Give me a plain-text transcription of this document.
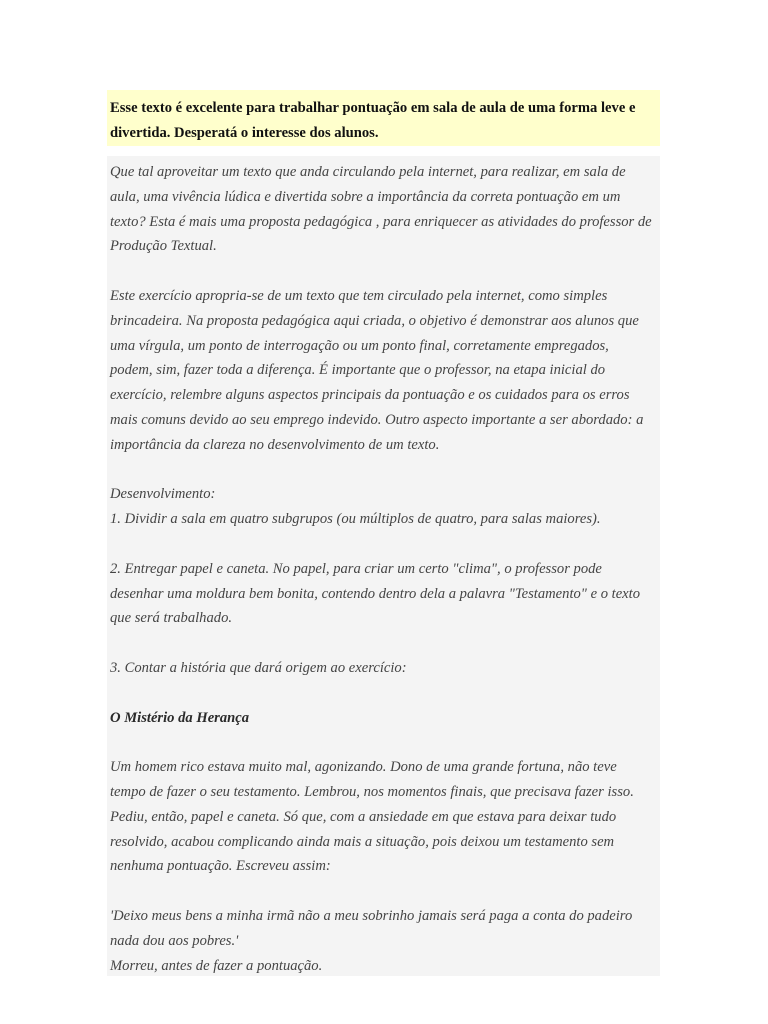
Esse texto é excelente para trabalhar pontuação em sala de aula de uma forma leve e divertida. Desperatá o interesse dos alunos.

Que tal aproveitar um texto que anda circulando pela internet, para realizar, em sala de aula, uma vivência lúdica e divertida sobre a importância da correta pontuação em um texto? Esta é mais uma proposta pedagógica , para enriquecer as atividades do professor de Produção Textual.

Este exercício apropria-se de um texto que tem circulado pela internet, como simples brincadeira. Na proposta pedagógica aqui criada, o objetivo é demonstrar aos alunos que uma vírgula, um ponto de interrogação ou um ponto final, corretamente empregados, podem, sim, fazer toda a diferença. É importante que o professor, na etapa inicial do exercício, relembre alguns aspectos principais da pontuação e os cuidados para os erros mais comuns devido ao seu emprego indevido. Outro aspecto importante a ser abordado: a importância da clareza no desenvolvimento de um texto.

Desenvolvimento:

1. Dividir a sala em quatro subgrupos (ou múltiplos de quatro, para salas maiores).

2. Entregar papel e caneta. No papel, para criar um certo "clima", o professor pode desenhar uma moldura bem bonita, contendo dentro dela a palavra "Testamento" e o texto que será trabalhado.

3. Contar a história que dará origem ao exercício:

O Mistério da Herança

Um homem rico estava muito mal, agonizando. Dono de uma grande fortuna, não teve tempo de fazer o seu testamento. Lembrou, nos momentos finais, que precisava fazer isso. Pediu, então, papel e caneta. Só que, com a ansiedade em que estava para deixar tudo resolvido, acabou complicando ainda mais a situação, pois deixou um testamento sem nenhuma pontuação. Escreveu assim:

'Deixo meus bens a minha irmã não a meu sobrinho jamais será paga a conta do padeiro nada dou aos pobres.'

Morreu, antes de fazer a pontuação.
